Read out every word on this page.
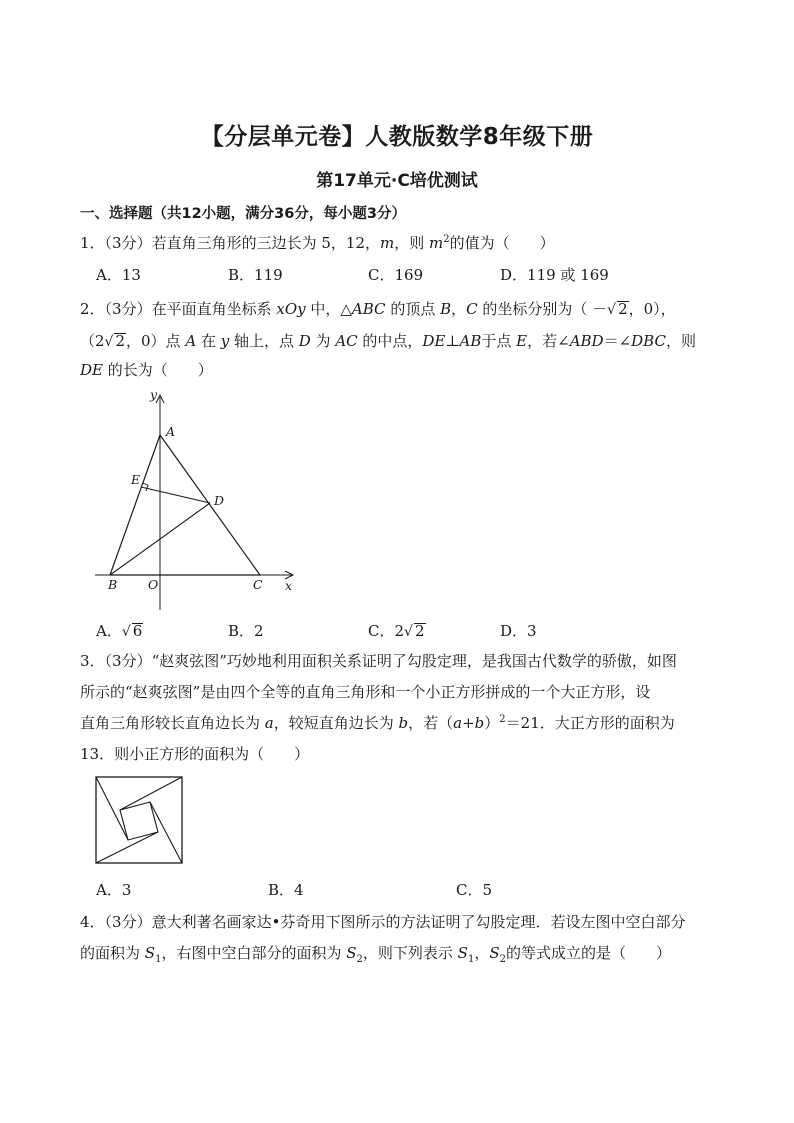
【分层单元卷】人教版数学8年级下册
第17单元·C培优测试
一、选择题（共12小题，满分36分，每小题3分）
1．（3分）若直角三角形的三边长为 5，12，m，则 $m^2$的值为（　　）
A．13	B．119	C．169	D．119 或 169
2．（3分）在平面直角坐标系 xOy 中，△ABC 的顶点 B，C 的坐标分别为（ －√ 2，0），
（2√ 2，0）点 A 在 y 轴上，点 D 为 AC 的中点，DE⊥AB于点 E，若∠ABD＝∠DBC，则
DE 的长为（　　）
y
A
E
D
B O	C x
A．√ 6	B．2	C．2√ 2	D．3
3．（3分）“赵爽弦图”巧妙地利用面积关系证明了勾股定理，是我国古代数学的骄傲，如图
所示的“赵爽弦图”是由四个全等的直角三角形和一个小正方形拼成的一个大正方形，设
直角三角形较长直角边长为 a，较短直角边长为 b，若$(a+b)^2=21$．大正方形的面积为
13．则小正方形的面积为（　　）
A．3	B．4	C．5
4．（3分）意大利著名画家达•芬奇用下图所示的方法证明了勾股定理．若设左图中空白部分
的面积为 $S_1$，右图中空白部分的面积为 $S_2$，则下列表示 $S_1$，$S_2$的等式成立的是（　　）
